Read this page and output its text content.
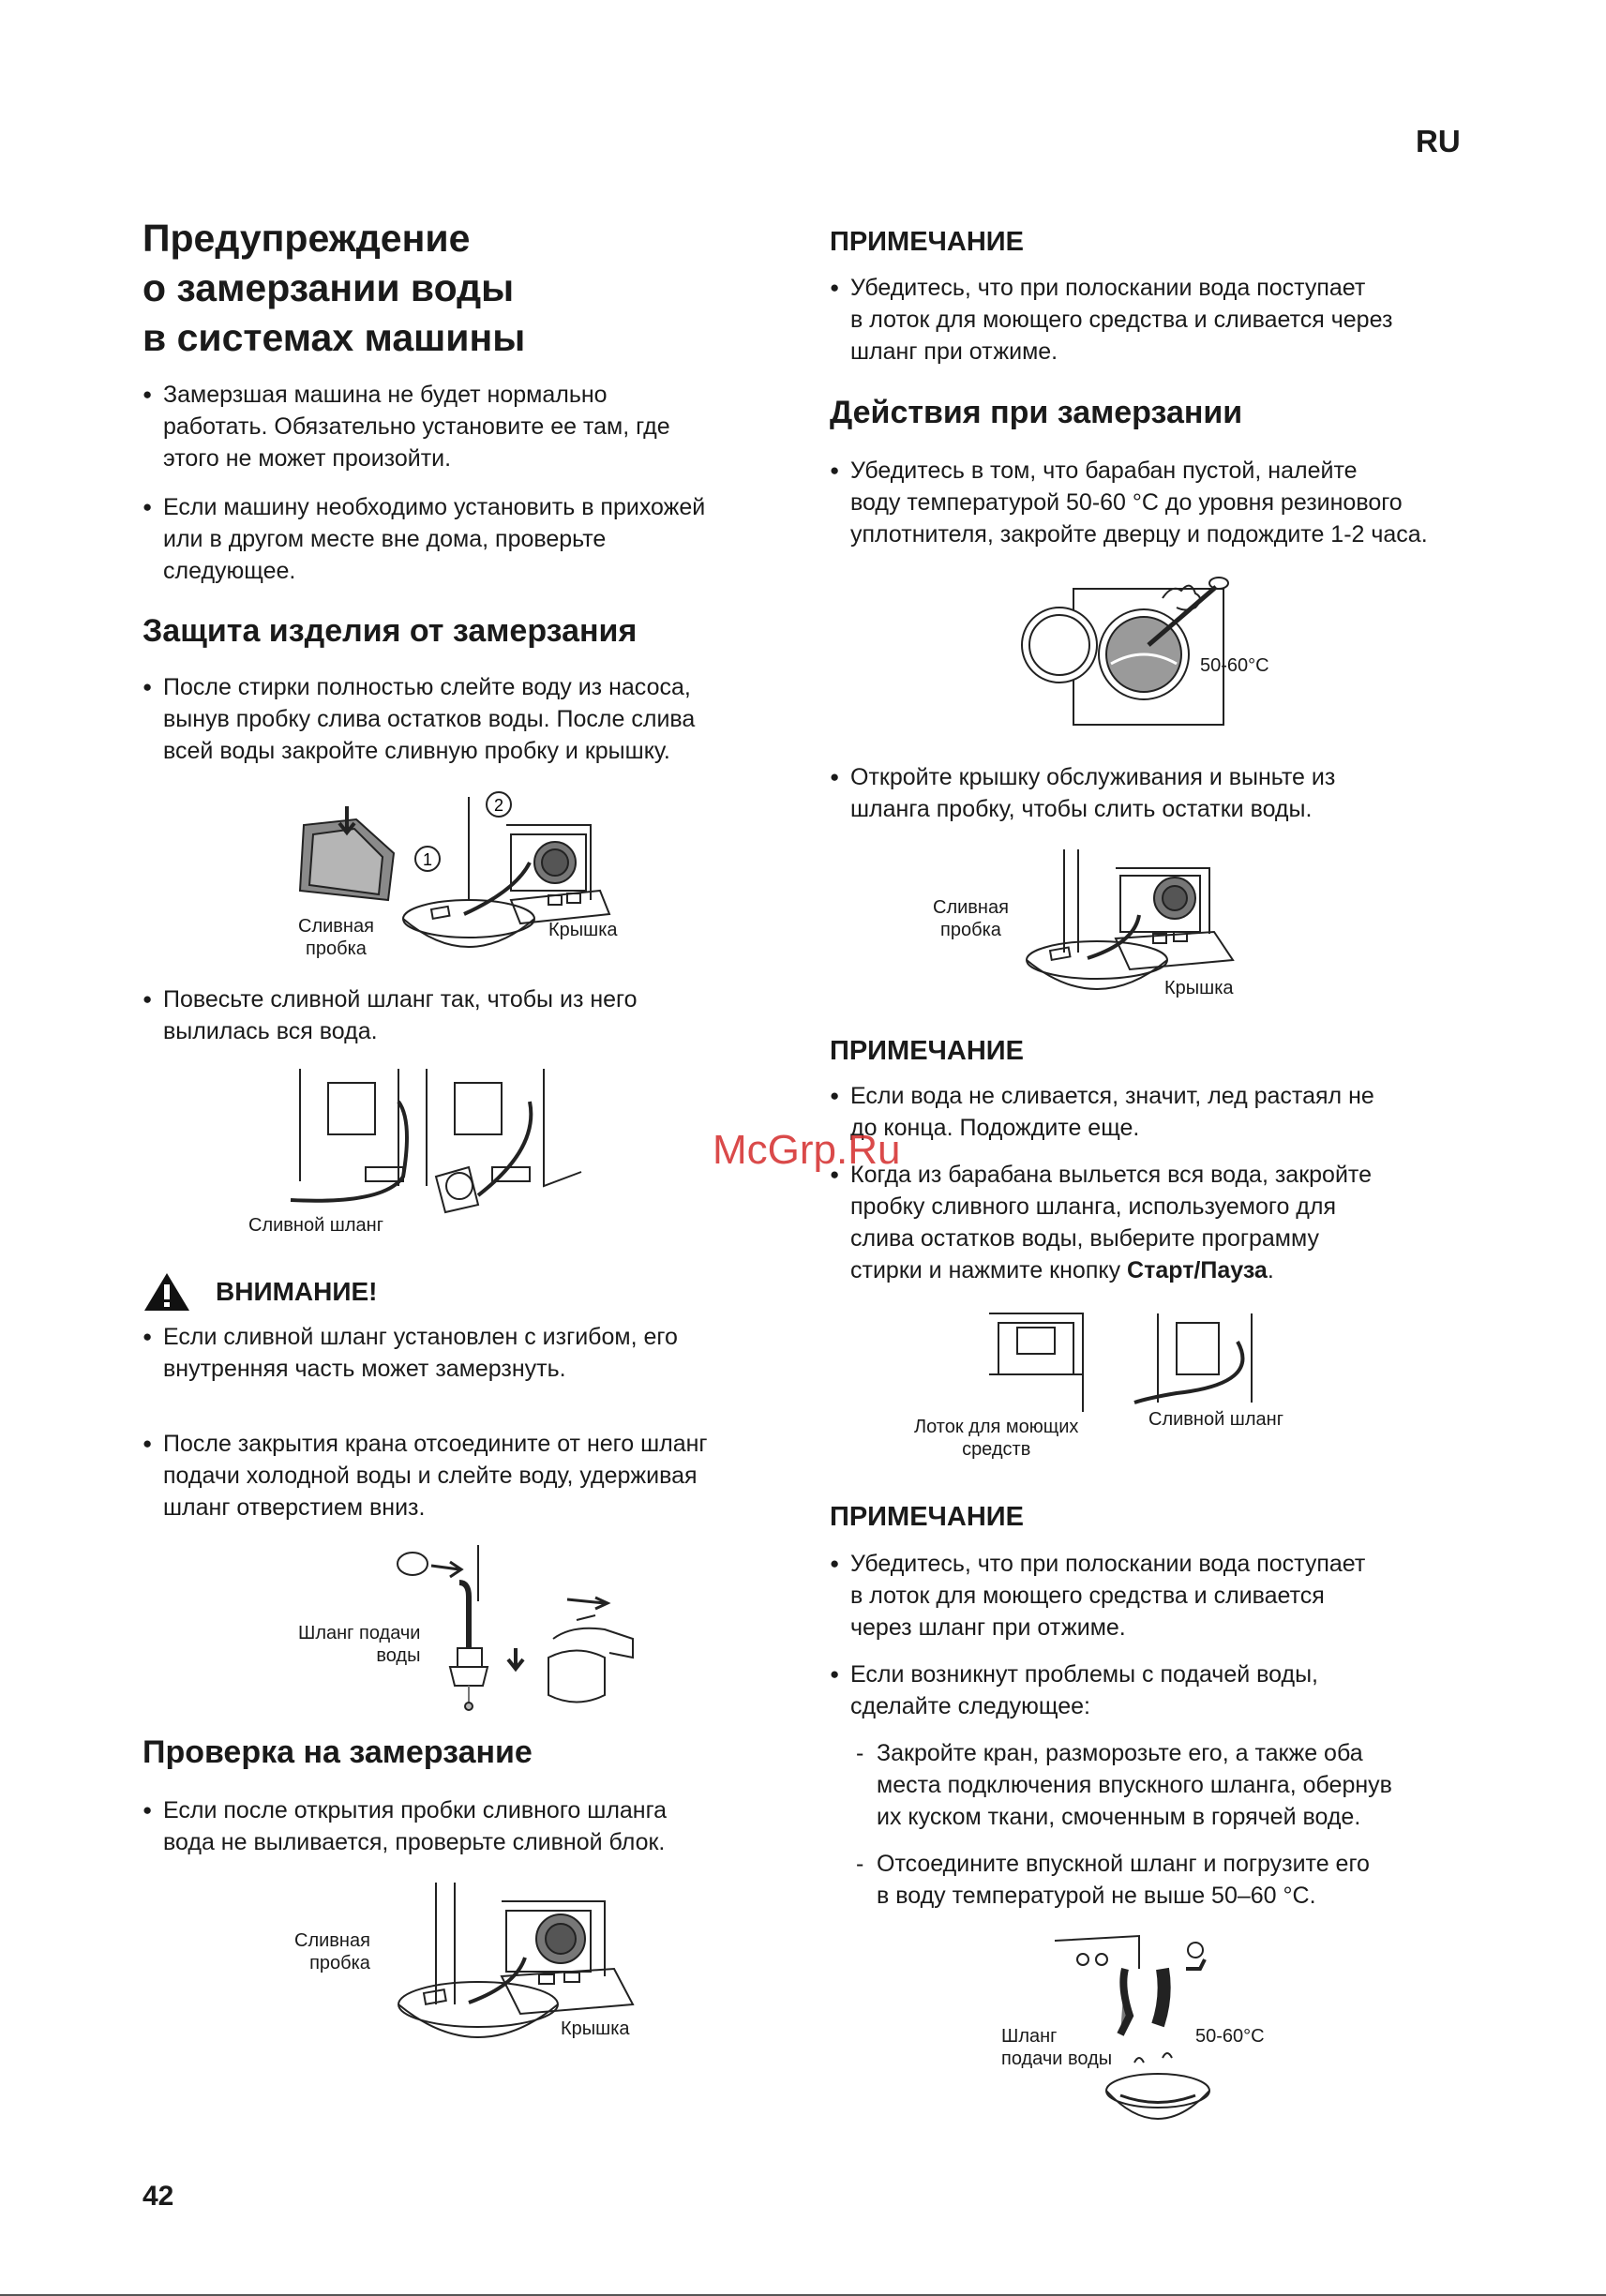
RU
Предупреждение
о замерзании воды
в системах машины
● Замерзшая машина не будет нормально
работать. Обязательно установите ее там, где
этого не может произойти.
● Если машину необходимо установить в прихожей
или в другом месте вне дома, проверьте
следующее.
Защита изделия от замерзания
● После стирки полностью слейте воду из насоса,
вынув пробку слива остатков воды. После слива
всей воды закройте сливную пробку и крышку.
1
2
Сливная
пробка
Крышка
● Повесьте сливной шланг так, чтобы из него
вылилась вся вода.
Сливной шланг
ВНИМАНИЕ!
● Если сливной шланг установлен с изгибом, его
внутренняя часть может замерзнуть.
● После закрытия крана отсоедините от него шланг
подачи холодной воды и слейте воду, удерживая
шланг отверстием вниз.
Шланг подачи
воды
Проверка на замерзание
● Если после открытия пробки сливного шланга
вода не выливается, проверьте сливной блок.
Сливная
пробка
Крышка
ПРИМЕЧАНИЕ
● Убедитесь, что при полоскании вода поступает
в лоток для моющего средства и сливается через
шланг при отжиме.
Действия при замерзании
● Убедитесь в том, что барабан пустой, налейте
воду температурой 50-60 °С до уровня резинового
уплотнителя, закройте дверцу и подождите 1-2 часа.
50-60°C
● Откройте крышку обслуживания и выньте из
шланга пробку, чтобы слить остатки воды.
Сливная
пробка
Крышка
ПРИМЕЧАНИЕ
● Если вода не сливается, значит, лед растаял не
до конца. Подождите еще.
● Когда из барабана выльется вся вода, закройте
пробку сливного шланга, используемого для
слива остатков воды, выберите программу
стирки и нажмите кнопку Старт/Пауза.
Лоток для моющих
средств
Сливной шланг
ПРИМЕЧАНИЕ
● Убедитесь, что при полоскании вода поступает
в лоток для моющего средства и сливается
через шланг при отжиме.
● Если возникнут проблемы с подачей воды,
сделайте следующее:
- Закройте кран, разморозьте его, а также оба
места подключения впускного шланга, обернув
их куском ткани, смоченным в горячей воде.
- Отсоедините впускной шланг и погрузите его
в воду температурой не выше 50–60 °С.
Шланг
подачи воды
50-60°C
McGrp.Ru
42
